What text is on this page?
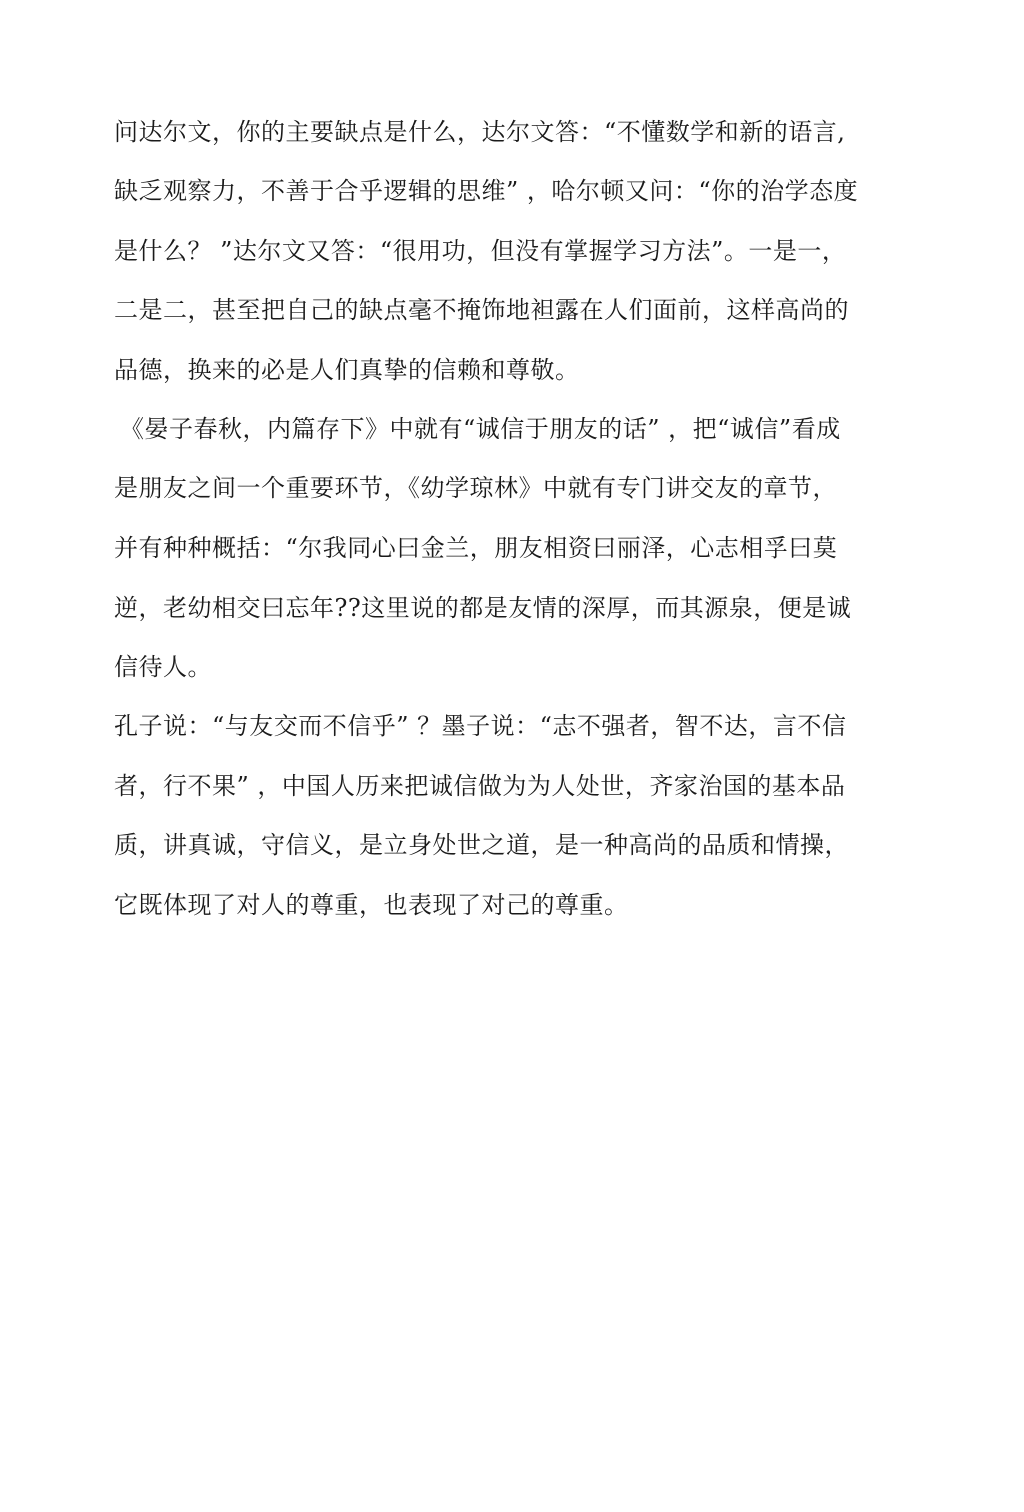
问达尔文，你的主要缺点是什么，达尔文答：“不懂数学和新的语言,
缺乏观察力，不善于合乎逻辑的思维” ，哈尔顿又问：“你的治学态度
是什么？ ”达尔文又答：“很用功，但没有掌握学习方法”。一是一，
二是二，甚至把自己的缺点毫不掩饰地袒露在人们面前，这样高尚的
品德，换来的必是人们真挚的信赖和尊敬。
《晏子春秋，内篇存下》中就有“诚信于朋友的话” ，把“诚信”看成
是朋友之间一个重要环节，《幼学琼林》中就有专门讲交友的章节，
并有种种概括：“尔我同心曰金兰，朋友相资曰丽泽，心志相孚曰莫
逆，老幼相交曰忘年??这里说的都是友情的深厚，而其源泉，便是诚
信待人。
孔子说：“与友交而不信乎” ？墨子说：“志不强者，智不达，言不信
者，行不果” ，中国人历来把诚信做为为人处世，齐家治国的基本品
质，讲真诚，守信义，是立身处世之道，是一种高尚的品质和情操，
它既体现了对人的尊重，也表现了对己的尊重。
